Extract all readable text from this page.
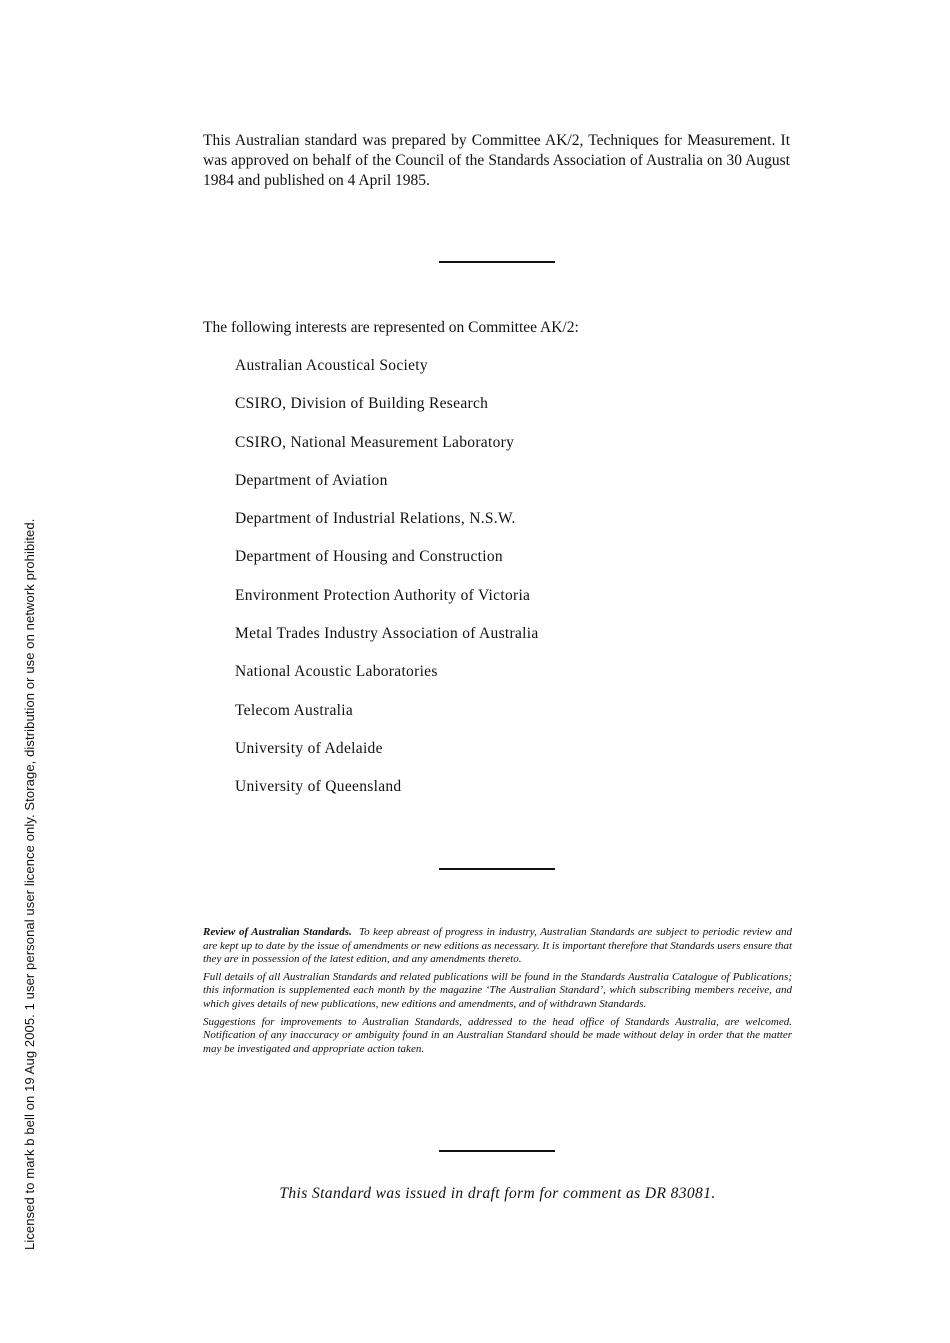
Licensed to mark b bell on 19 Aug 2005. 1 user personal user licence only. Storage, distribution or use on network prohibited.
This Australian standard was prepared by Committee AK/2, Techniques for Measurement. It was approved on behalf of the Council of the Standards Association of Australia on 30 August 1984 and published on 4 April 1985.
The following interests are represented on Committee AK/2:
Australian Acoustical Society
CSIRO, Division of Building Research
CSIRO, National Measurement Laboratory
Department of Aviation
Department of Industrial Relations, N.S.W.
Department of Housing and Construction
Environment Protection Authority of Victoria
Metal Trades Industry Association of Australia
National Acoustic Laboratories
Telecom Australia
University of Adelaide
University of Queensland

Review of Australian Standards. To keep abreast of progress in industry, Australian Standards are subject to periodic review and are kept up to date by the issue of amendments or new editions as necessary. It is important therefore that Standards users ensure that they are in possession of the latest edition, and any amendments thereto.

Full details of all Australian Standards and related publications will be found in the Standards Australia Catalogue of Publications; this information is supplemented each month by the magazine ‘The Australian Standard’, which subscribing members receive, and which gives details of new publications, new editions and amendments, and of withdrawn Standards.

Suggestions for improvements to Australian Standards, addressed to the head office of Standards Australia, are welcomed. Notification of any inaccuracy or ambiguity found in an Australian Standard should be made without delay in order that the matter may be investigated and appropriate action taken.

This Standard was issued in draft form for comment as DR 83081.
